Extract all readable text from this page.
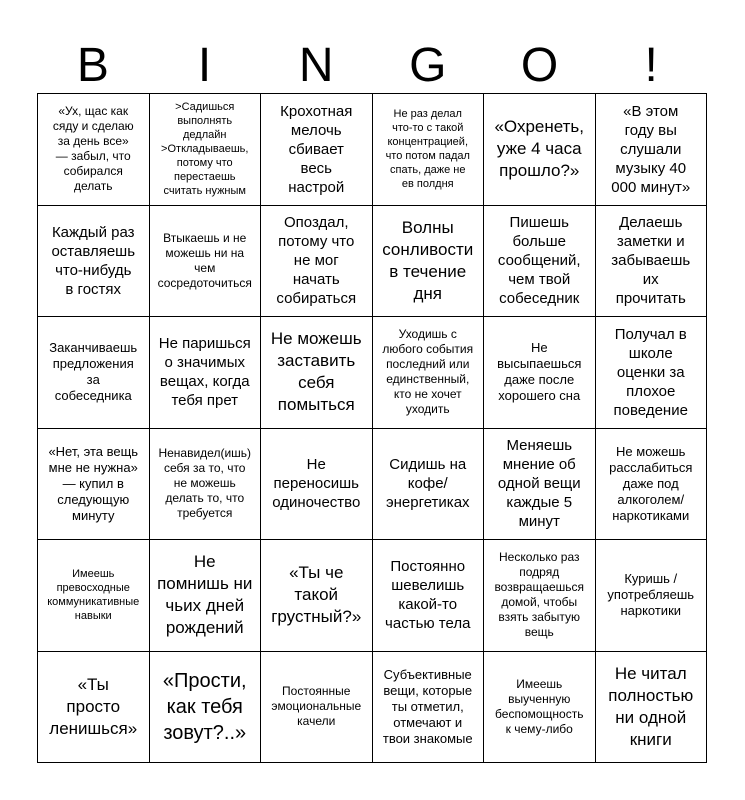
B	I	N	G	O	!
«Ух, щас как
сяду и сделаю
за день все»
— забыл, что
собирался
делать
>Садишься
выполнять
дедлайн
>Откладываешь,
потому что
перестаешь
считать нужным
Крохотная
мелочь
сбивает
весь
настрой
Не раз делал
что-то с такой
концентрацией,
что потом падал
спать, даже не
ев полдня
«Охренеть,
уже 4 часа
прошло?»
«В этом
году вы
слушали
музыку 40
000 минут»
Каждый раз
оставляешь
что-нибудь
в гостях
Втыкаешь и не
можешь ни на
чем
сосредоточиться
Опоздал,
потому что
не мог
начать
собираться
Волны
сонливости
в течение
дня
Пишешь
больше
сообщений,
чем твой
собеседник
Делаешь
заметки и
забываешь
их
прочитать
Заканчиваешь
предложения
за
собеседника
Не паришься
о значимых
вещах, когда
тебя прет
Не можешь
заставить
себя
помыться
Уходишь с
любого события
последний или
единственный,
кто не хочет
уходить
Не
высыпаешься
даже после
хорошего сна
Получал в
школе
оценки за
плохое
поведение
«Нет, эта вещь
мне не нужна»
— купил в
следующую
минуту
Ненавидел(ишь)
себя за то, что
не можешь
делать то, что
требуется
Не
переносишь
одиночество
Сидишь на
кофе/
энергетиках
Меняешь
мнение об
одной вещи
каждые 5
минут
Не можешь
расслабиться
даже под
алкоголем/
наркотиками
Имеешь
превосходные
коммуникативные
навыки
Не
помнишь ни
чьих дней
рождений
«Ты че
такой
грустный?»
Постоянно
шевелишь
какой-то
частью тела
Несколько раз
подряд
возвращаешься
домой, чтобы
взять забытую
вещь
Куришь /
употребляешь
наркотики
«Ты
просто
ленишься»
«Прости,
как тебя
зовут?..»
Постоянные
эмоциональные
качели
Субъективные
вещи, которые
ты отметил,
отмечают и
твои знакомые
Имеешь
выученную
беспомощность
к чему-либо
Не читал
полностью
ни одной
книги
